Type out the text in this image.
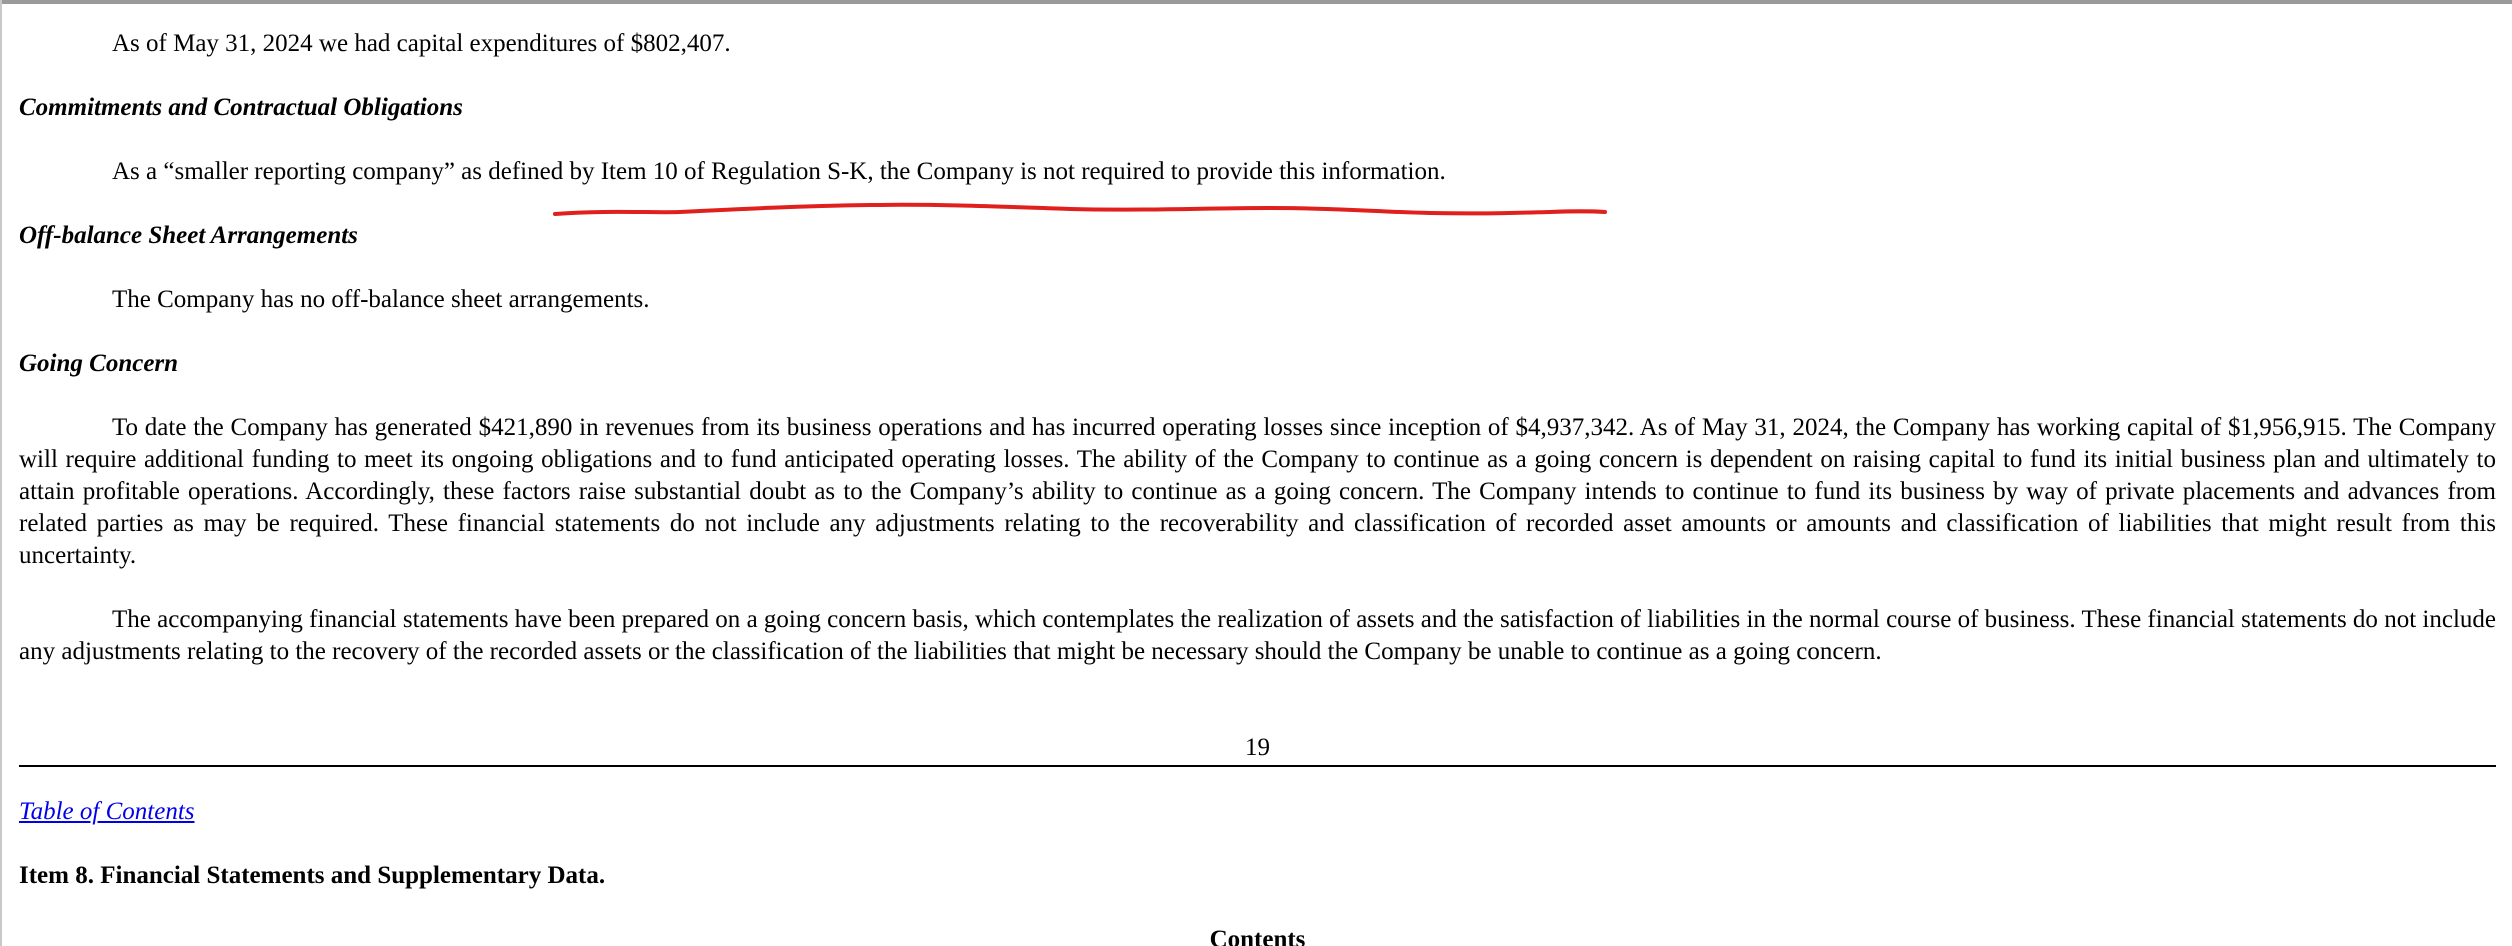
As of May 31, 2024 we had capital expenditures of $802,407.

Commitments and Contractual Obligations

As a “smaller reporting company” as defined by Item 10 of Regulation S-K, the Company is not required to provide this information.

Off-balance Sheet Arrangements

The Company has no off-balance sheet arrangements.

Going Concern

To date the Company has generated $421,890 in revenues from its business operations and has incurred operating losses since inception of $4,937,342. As of May 31, 2024, the Company has working capital of $1,956,915. The Company will require additional funding to meet its ongoing obligations and to fund anticipated operating losses. The ability of the Company to continue as a going concern is dependent on raising capital to fund its initial business plan and ultimately to attain profitable operations. Accordingly, these factors raise substantial doubt as to the Company’s ability to continue as a going concern. The Company intends to continue to fund its business by way of private placements and advances from related parties as may be required. These financial statements do not include any adjustments relating to the recoverability and classification of recorded asset amounts or amounts and classification of liabilities that might result from this uncertainty.

The accompanying financial statements have been prepared on a going concern basis, which contemplates the realization of assets and the satisfaction of liabilities in the normal course of business. These financial statements do not include any adjustments relating to the recovery of the recorded assets or the classification of the liabilities that might be necessary should the Company be unable to continue as a going concern.

19

Table of Contents

Item 8. Financial Statements and Supplementary Data.

Contents
